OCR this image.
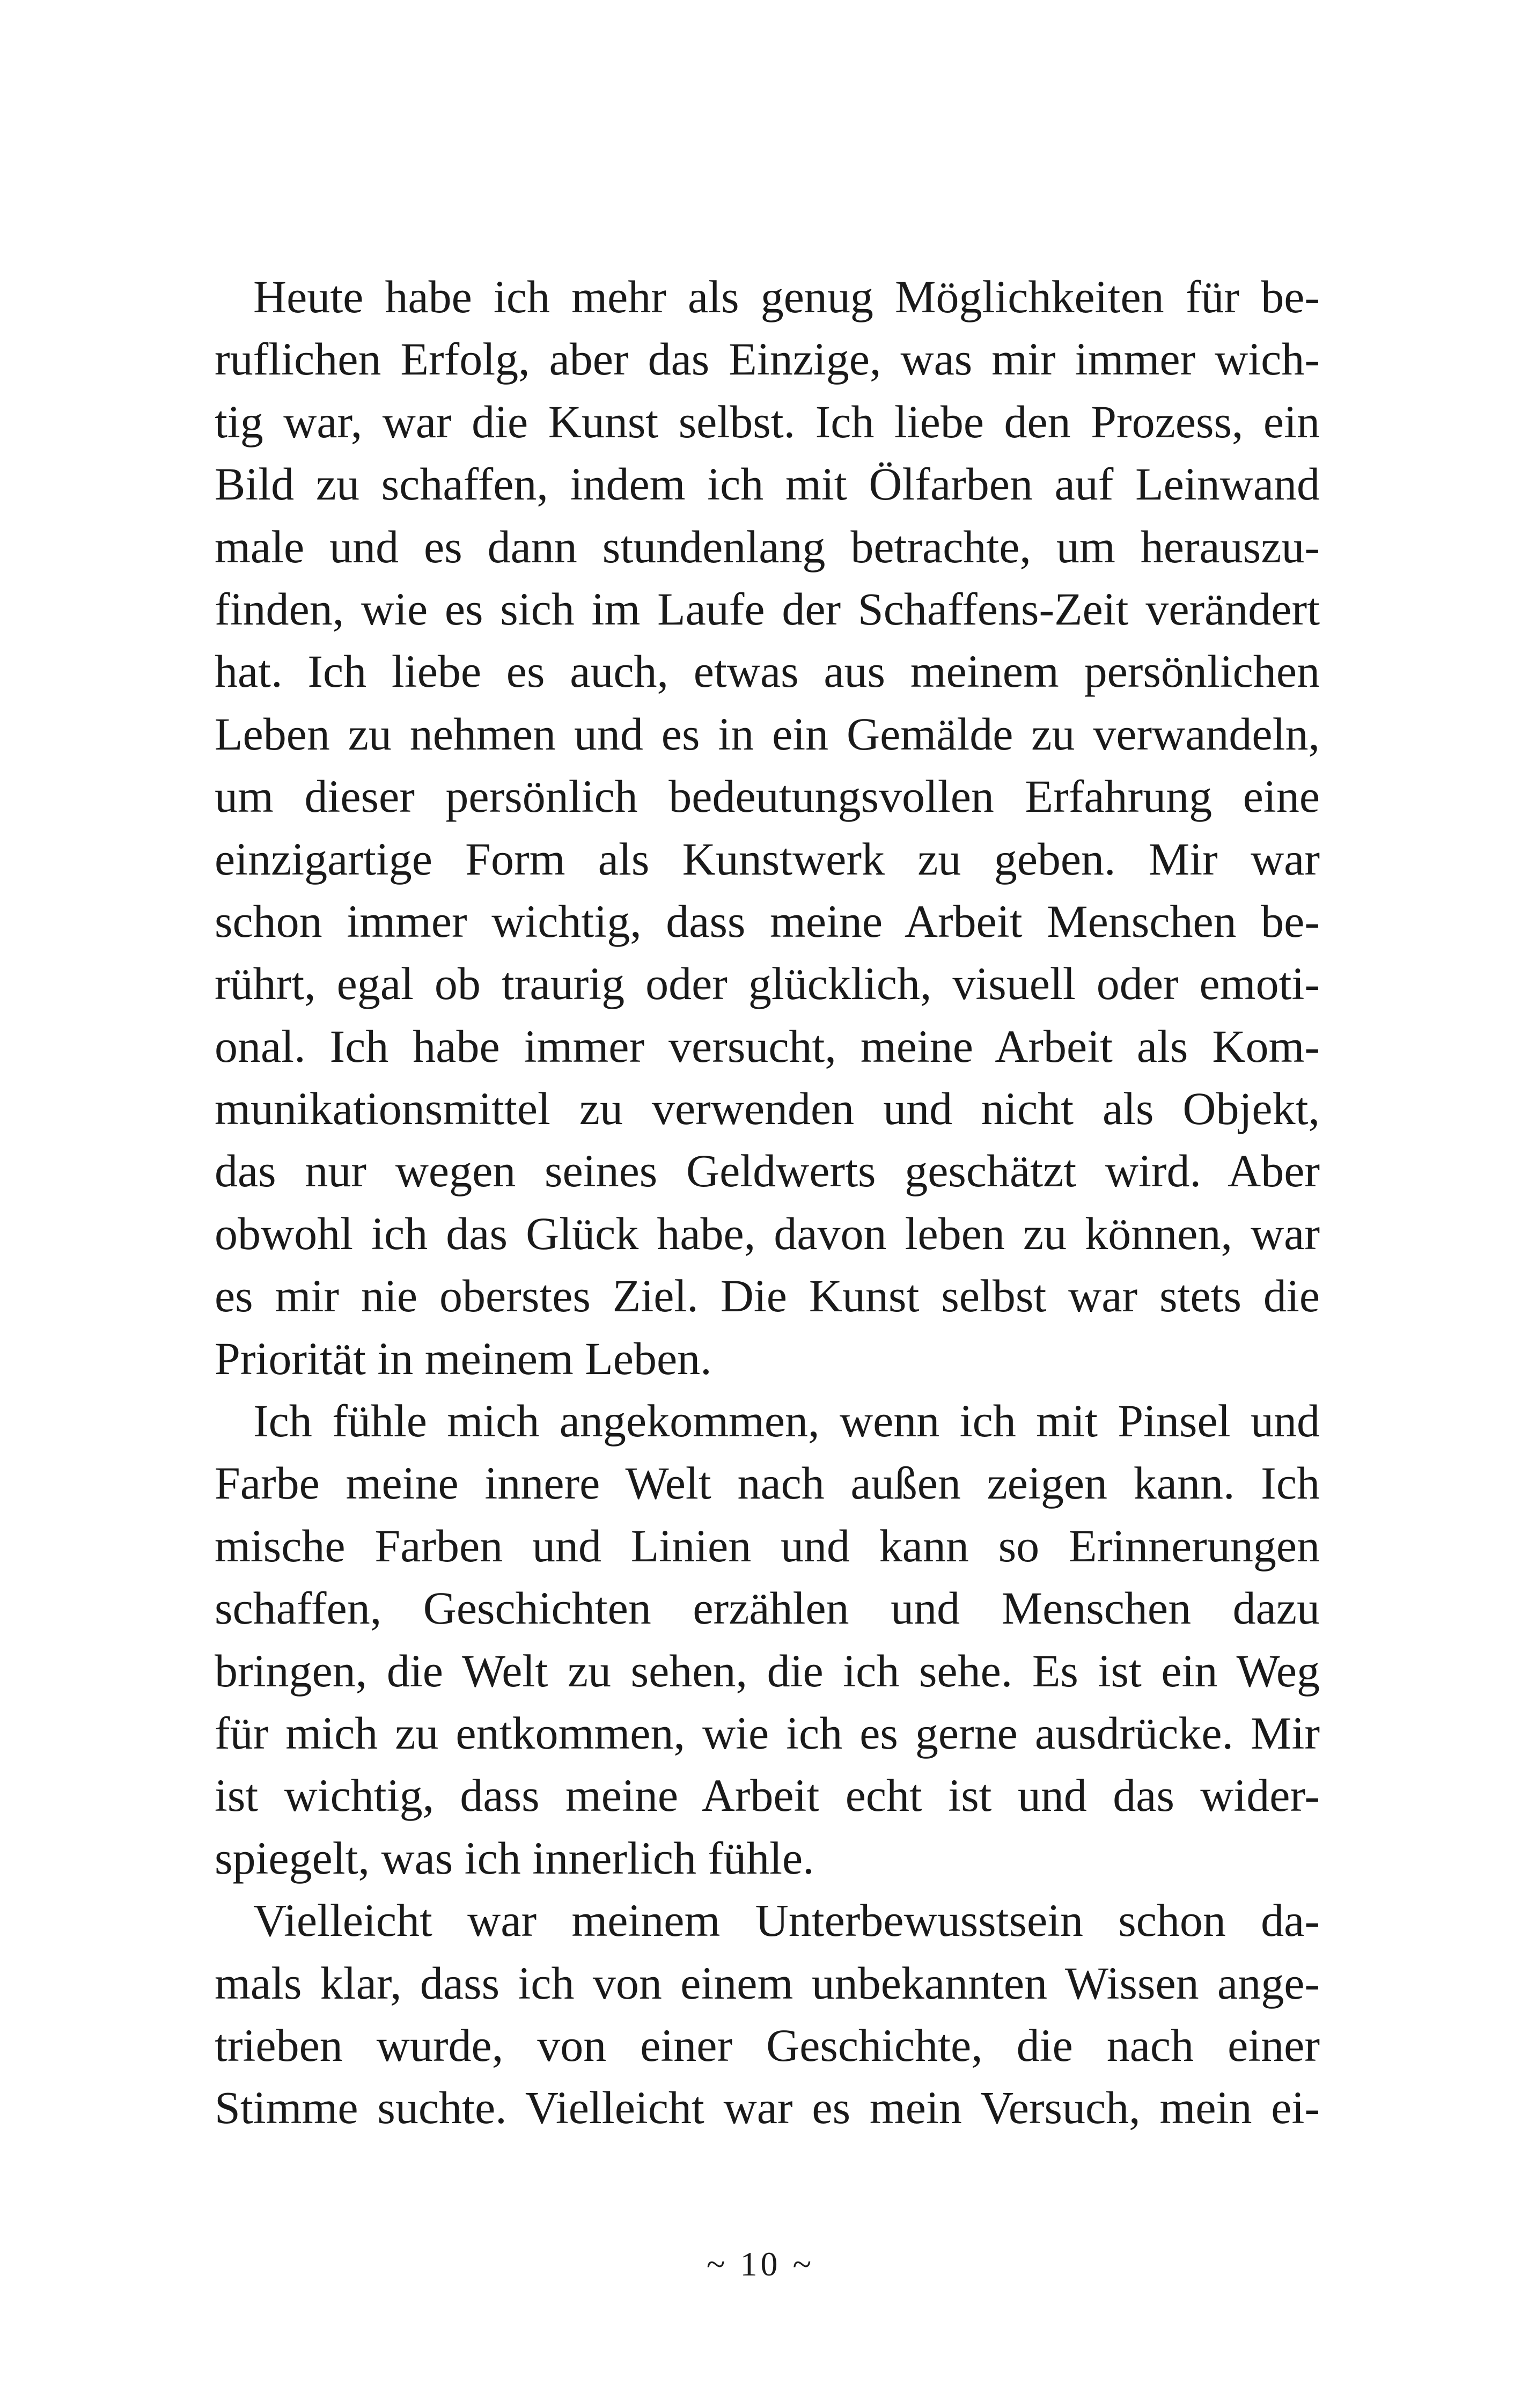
Heute habe ich mehr als genug Möglichkeiten für be-
ruflichen Erfolg, aber das Einzige, was mir immer wich-
tig war, war die Kunst selbst. Ich liebe den Prozess, ein
Bild zu schaffen, indem ich mit Ölfarben auf Leinwand
male und es dann stundenlang betrachte, um herauszu-
finden, wie es sich im Laufe der Schaffens-Zeit verändert
hat. Ich liebe es auch, etwas aus meinem persönlichen
Leben zu nehmen und es in ein Gemälde zu verwandeln,
um dieser persönlich bedeutungsvollen Erfahrung eine
einzigartige Form als Kunstwerk zu geben. Mir war
schon immer wichtig, dass meine Arbeit Menschen be-
rührt, egal ob traurig oder glücklich, visuell oder emoti-
onal. Ich habe immer versucht, meine Arbeit als Kom-
munikationsmittel zu verwenden und nicht als Objekt,
das nur wegen seines Geldwerts geschätzt wird. Aber
obwohl ich das Glück habe, davon leben zu können, war
es mir nie oberstes Ziel. Die Kunst selbst war stets die
Priorität in meinem Leben.
Ich fühle mich angekommen, wenn ich mit Pinsel und
Farbe meine innere Welt nach außen zeigen kann. Ich
mische Farben und Linien und kann so Erinnerungen
schaffen, Geschichten erzählen und Menschen dazu
bringen, die Welt zu sehen, die ich sehe. Es ist ein Weg
für mich zu entkommen, wie ich es gerne ausdrücke. Mir
ist wichtig, dass meine Arbeit echt ist und das wider-
spiegelt, was ich innerlich fühle.
Vielleicht war meinem Unterbewusstsein schon da-
mals klar, dass ich von einem unbekannten Wissen ange-
trieben wurde, von einer Geschichte, die nach einer
Stimme suchte. Vielleicht war es mein Versuch, mein ei-
~ 10 ~
